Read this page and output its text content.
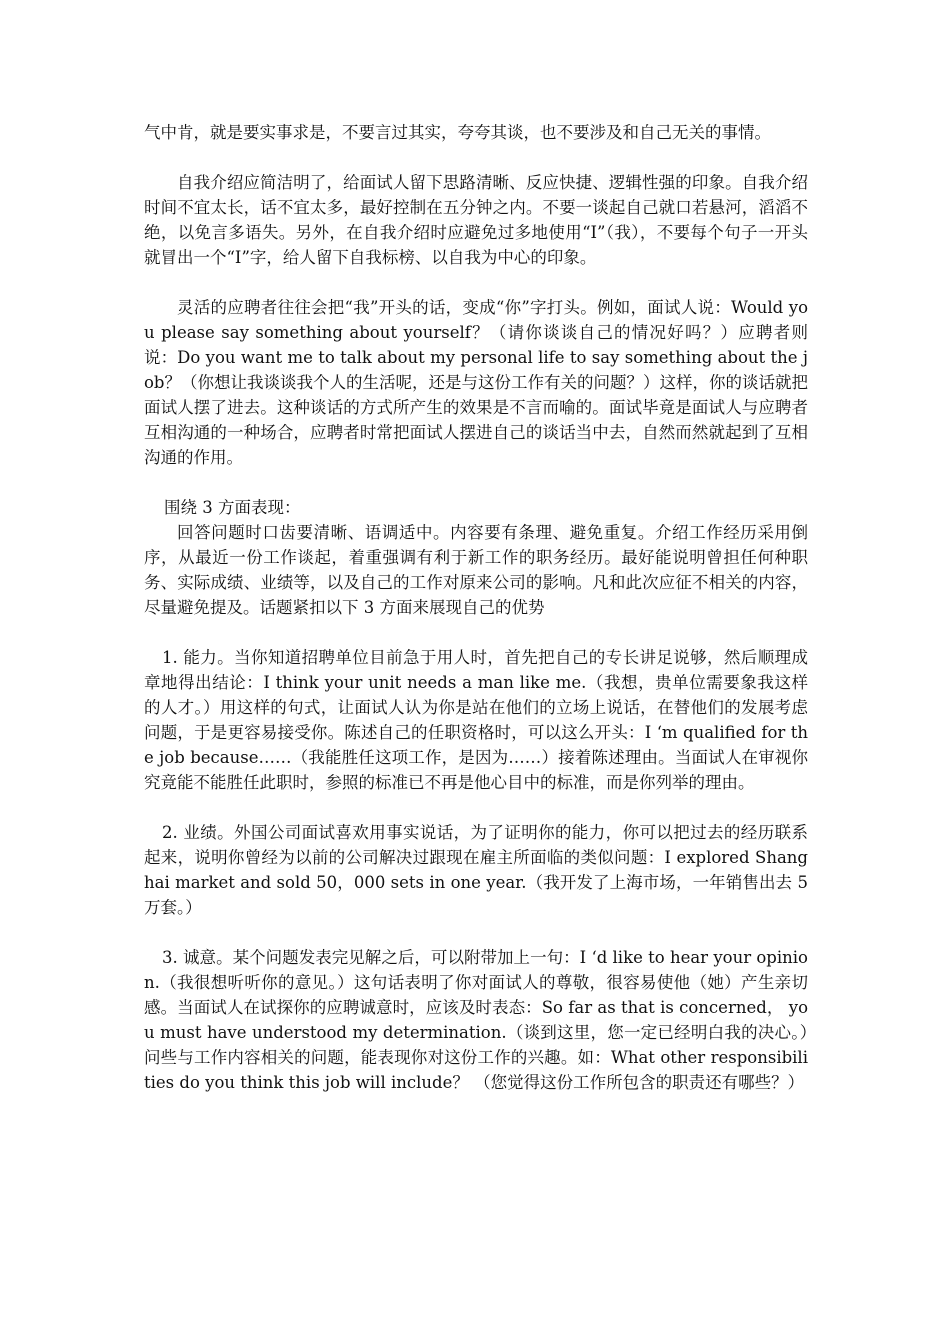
气中肯，就是要实事求是，不要言过其实，夸夸其谈，也不要涉及和自己无关的事情。

自我介绍应简洁明了，给面试人留下思路清晰、反应快捷、逻辑性强的印象。自我介绍时间不宜太长，话不宜太多，最好控制在五分钟之内。不要一谈起自己就口若悬河，滔滔不绝，以免言多语失。另外，在自我介绍时应避免过多地使用“I”（我），不要每个句子一开头就冒出一个“I”字，给人留下自我标榜、以自我为中心的印象。

灵活的应聘者往往会把“我”开头的话，变成“你”字打头。例如，面试人说：Would you please say something about yourself？（请你谈谈自己的情况好吗？）应聘者则说：Do you want me to talk about my personal life to say something about the job？（你想让我谈谈我个人的生活呢，还是与这份工作有关的问题？）这样，你的谈话就把面试人摆了进去。这种谈话的方式所产生的效果是不言而喻的。面试毕竟是面试人与应聘者互相沟通的一种场合，应聘者时常把面试人摆进自己的谈话当中去，自然而然就起到了互相沟通的作用。

围绕 3 方面表现：

回答问题时口齿要清晰、语调适中。内容要有条理、避免重复。介绍工作经历采用倒序，从最近一份工作谈起，着重强调有利于新工作的职务经历。最好能说明曾担任何种职务、实际成绩、业绩等，以及自己的工作对原来公司的影响。凡和此次应征不相关的内容，尽量避免提及。话题紧扣以下 3 方面来展现自己的优势

1. 能力。当你知道招聘单位目前急于用人时，首先把自己的专长讲足说够，然后顺理成章地得出结论：I think your unit needs a man like me.（我想，贵单位需要象我这样的人才。）用这样的句式，让面试人认为你是站在他们的立场上说话，在替他们的发展考虑问题，于是更容易接受你。陈述自己的任职资格时，可以这么开头：I ‘m qualified for the job because……（我能胜任这项工作，是因为……）接着陈述理由。当面试人在审视你究竟能不能胜任此职时，参照的标准已不再是他心目中的标准，而是你列举的理由。

2. 业绩。外国公司面试喜欢用事实说话，为了证明你的能力，你可以把过去的经历联系起来，说明你曾经为以前的公司解决过跟现在雇主所面临的类似问题：I explored Shanghai market and sold 50，000 sets in one year.（我开发了上海市场，一年销售出去 5 万套。）

3. 诚意。某个问题发表完见解之后，可以附带加上一句：I ‘d like to hear your opinion.（我很想听听你的意见。）这句话表明了你对面试人的尊敬，很容易使他（她）产生亲切感。当面试人在试探你的应聘诚意时，应该及时表态：So far as that is concerned， you must have understood my determination.（谈到这里，您一定已经明白我的决心。）问些与工作内容相关的问题，能表现你对这份工作的兴趣。如：What other responsibilities do you think this job will include？ （您觉得这份工作所包含的职责还有哪些？）
